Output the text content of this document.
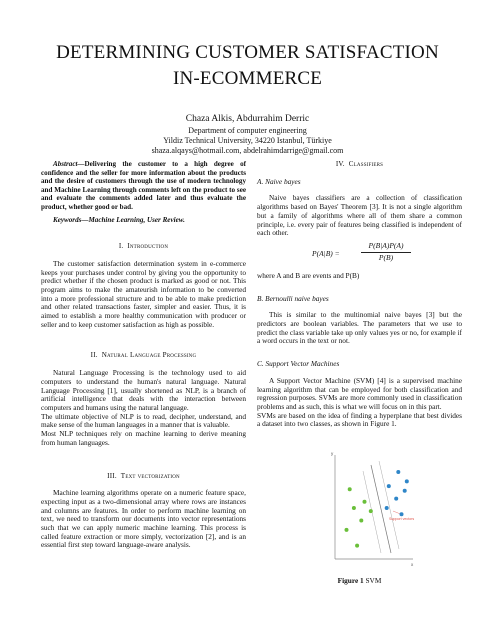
DETERMINING CUSTOMER SATISFACTION
IN-ECOMMERCE
Chaza Alkis, Abdurrahim Derric
Department of computer engineering
Yildiz Technical University, 34220 Istanbul, Türkiye
shaza.alqays@hotmail.com, abdelrahimdarrige@gmail.com

Abstract—Delivering the customer to a high degree of confidence and the seller for more information about the products and the desire of customers through the use of modern technology and Machine Learning through comments left on the product to see and evaluate the comments added later and thus evaluate the product, whether good or bad.

Keywords—Machine Learning, User Review.

I. Introduction

The customer satisfaction determination system in e-commerce keeps your purchases under control by giving you the opportunity to predict whether if the chosen product is marked as good or not. This program aims to make the amateurish information to be converted into a more professional structure and to be able to make prediction and other related transactions faster, simpler and easier. Thus, it is aimed to establish a more healthy communication with producer or seller and to keep customer satisfaction as high as possible.

II. Natural Language Processing

Natural Language Processing is the technology used to aid computers to understand the human's natural language. Natural Language Processing [1], usually shortened as NLP, is a branch of artificial intelligence that deals with the interaction between computers and humans using the natural language.

The ultimate objective of NLP is to read, decipher, understand, and make sense of the human languages in a manner that is valuable.

Most NLP techniques rely on machine learning to derive meaning from human languages.

III. Text vectorization

Machine learning algorithms operate on a numeric feature space, expecting input as a two-dimensional array where rows are instances and columns are features. In order to perform machine learning on text, we need to transform our documents into vector representations such that we can apply numeric machine learning. This process is called feature extraction or more simply, vectorization [2], and is an essential first step toward language-aware analysis.

IV. Classifiers
A. Naive bayes

Naive bayes classifiers are a collection of classification algorithms based on Bayes' Theorem [3]. It is not a single algorithm but a family of algorithms where all of them share a common principle, i.e. every pair of features being classified is independent of each other.

P(A|B) =	$\frac{P(B|A)P(A)}{P(B)}$

where A and B are events and P(B)

B. Bernoulli naive bayes

This is similar to the multinomial naive bayes [3] but the predictors are boolean variables. The parameters that we use to predict the class variable take up only values yes or no, for example if a word occurs in the text or not.

C. Support Vector Machines

A Support Vector Machine (SVM) [4] is a supervised machine learning algorithm that can be employed for both classification and regression purposes. SVMs are more commonly used in classification problems and as such, this is what we will focus on in this part.

SVMs are based on the idea of finding a hyperplane that best divides a dataset into two classes, as shown in Figure 1.

y
x
Support vectors
Figure 1 SVM
